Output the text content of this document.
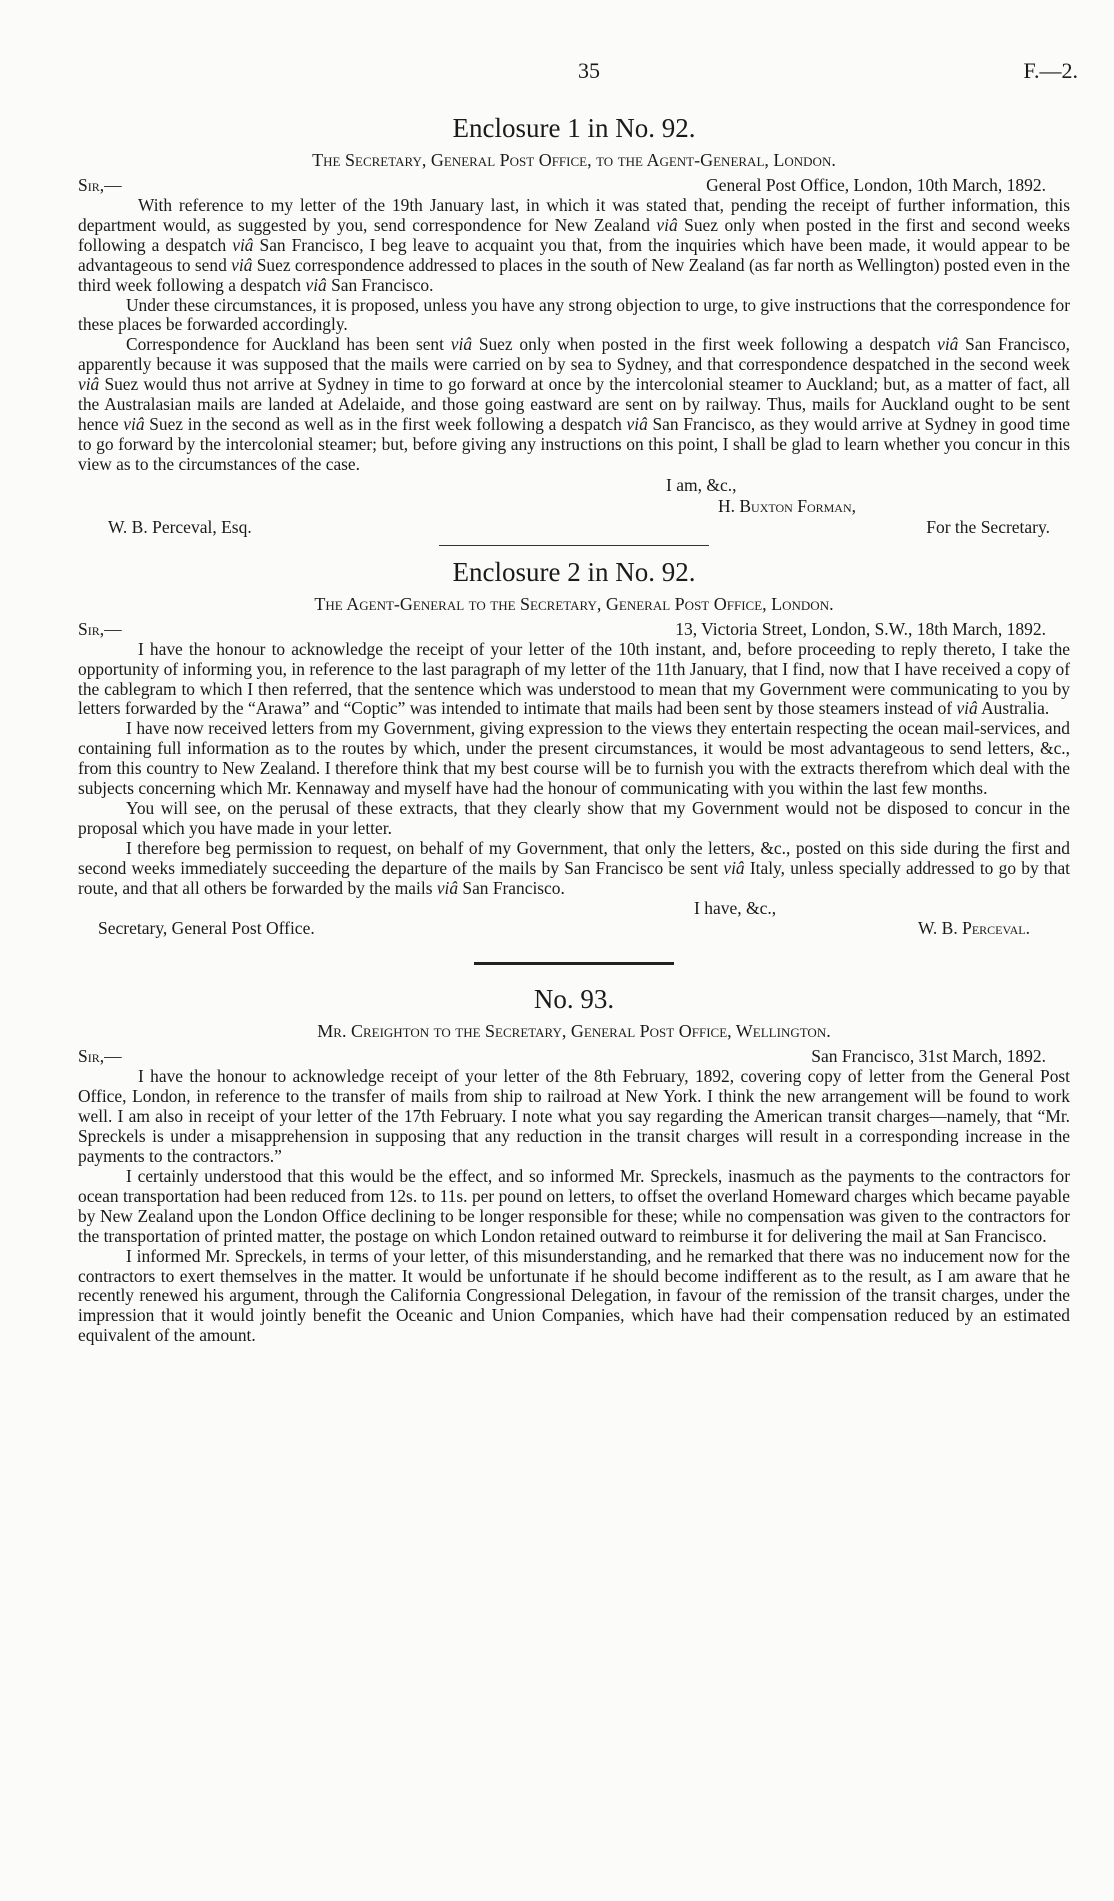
35	F.—2.
Enclosure 1 in No. 92.
The Secretary, General Post Office, to the Agent-General, London.
Sir,—	General Post Office, London, 10th March, 1892.

With reference to my letter of the 19th January last, in which it was stated that, pending the receipt of further information, this department would, as suggested by you, send correspondence for New Zealand viâ Suez only when posted in the first and second weeks following a despatch viâ San Francisco, I beg leave to acquaint you that, from the inquiries which have been made, it would appear to be advantageous to send viâ Suez correspondence addressed to places in the south of New Zealand (as far north as Wellington) posted even in the third week following a despatch viâ San Francisco.

Under these circumstances, it is proposed, unless you have any strong objection to urge, to give instructions that the correspondence for these places be forwarded accordingly.

Correspondence for Auckland has been sent viâ Suez only when posted in the first week following a despatch viâ San Francisco, apparently because it was supposed that the mails were carried on by sea to Sydney, and that correspondence despatched in the second week viâ Suez would thus not arrive at Sydney in time to go forward at once by the intercolonial steamer to Auckland; but, as a matter of fact, all the Australasian mails are landed at Adelaide, and those going eastward are sent on by railway. Thus, mails for Auckland ought to be sent hence viâ Suez in the second as well as in the first week following a despatch viâ San Francisco, as they would arrive at Sydney in good time to go forward by the intercolonial steamer; but, before giving any instructions on this point, I shall be glad to learn whether you concur in this view as to the circumstances of the case.

I am, &c.,
H. Buxton Forman,
W. B. Perceval, Esq.	For the Secretary.
Enclosure 2 in No. 92.
The Agent-General to the Secretary, General Post Office, London.
Sir,—	13, Victoria Street, London, S.W., 18th March, 1892.

I have the honour to acknowledge the receipt of your letter of the 10th instant, and, before proceeding to reply thereto, I take the opportunity of informing you, in reference to the last paragraph of my letter of the 11th January, that I find, now that I have received a copy of the cablegram to which I then referred, that the sentence which was understood to mean that my Government were communicating to you by letters forwarded by the “Arawa” and “Coptic” was intended to intimate that mails had been sent by those steamers instead of viâ Australia.

I have now received letters from my Government, giving expression to the views they entertain respecting the ocean mail-services, and containing full information as to the routes by which, under the present circumstances, it would be most advantageous to send letters, &c., from this country to New Zealand. I therefore think that my best course will be to furnish you with the extracts therefrom which deal with the subjects concerning which Mr. Kennaway and myself have had the honour of communicating with you within the last few months.

You will see, on the perusal of these extracts, that they clearly show that my Government would not be disposed to concur in the proposal which you have made in your letter.

I therefore beg permission to request, on behalf of my Government, that only the letters, &c., posted on this side during the first and second weeks immediately succeeding the departure of the mails by San Francisco be sent viâ Italy, unless specially addressed to go by that route, and that all others be forwarded by the mails viâ San Francisco.

I have, &c.,
Secretary, General Post Office.	W. B. Perceval.
No. 93.
Mr. Creighton to the Secretary, General Post Office, Wellington.
Sir,—	San Francisco, 31st March, 1892.

I have the honour to acknowledge receipt of your letter of the 8th February, 1892, covering copy of letter from the General Post Office, London, in reference to the transfer of mails from ship to railroad at New York. I think the new arrangement will be found to work well. I am also in receipt of your letter of the 17th February. I note what you say regarding the American transit charges—namely, that “Mr. Spreckels is under a misapprehension in supposing that any reduction in the transit charges will result in a corresponding increase in the payments to the contractors.”

I certainly understood that this would be the effect, and so informed Mr. Spreckels, inasmuch as the payments to the contractors for ocean transportation had been reduced from 12s. to 11s. per pound on letters, to offset the overland Homeward charges which became payable by New Zealand upon the London Office declining to be longer responsible for these; while no compensation was given to the contractors for the transportation of printed matter, the postage on which London retained outward to reimburse it for delivering the mail at San Francisco.

I informed Mr. Spreckels, in terms of your letter, of this misunderstanding, and he remarked that there was no inducement now for the contractors to exert themselves in the matter. It would be unfortunate if he should become indifferent as to the result, as I am aware that he recently renewed his argument, through the California Congressional Delegation, in favour of the remission of the transit charges, under the impression that it would jointly benefit the Oceanic and Union Companies, which have had their compensation reduced by an estimated equivalent of the amount.
